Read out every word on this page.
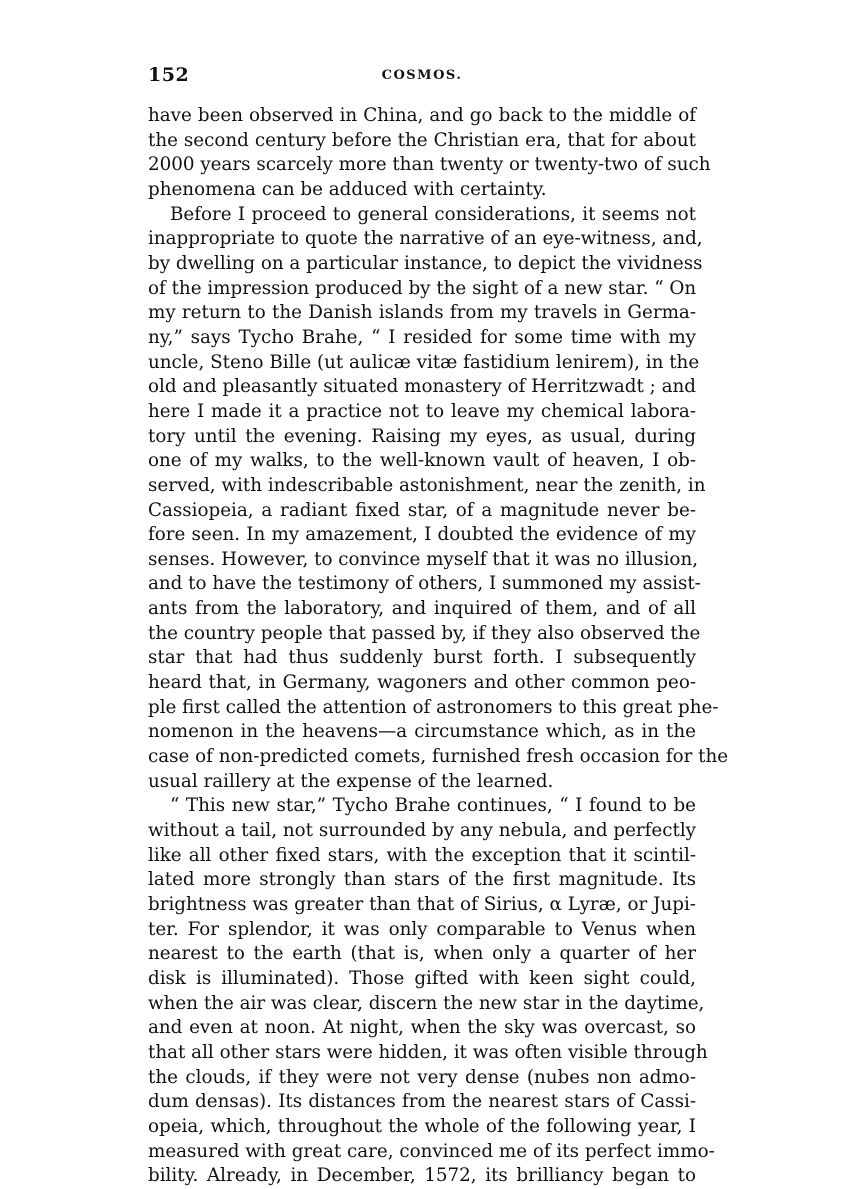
152	COSMOS.
have been observed in China, and go back to the middle of
the second century before the Christian era, that for about
2000 years scarcely more than twenty or twenty-two of such
phenomena can be adduced with certainty.
Before I proceed to general considerations, it seems not
inappropriate to quote the narrative of an eye-witness, and,
by dwelling on a particular instance, to depict the vividness
of the impression produced by the sight of a new star. “ On
my return to the Danish islands from my travels in Germa-
ny,” says Tycho Brahe, “ I resided for some time with my
uncle, Steno Bille (ut aulicæ vitæ fastidium lenirem), in the
old and pleasantly situated monastery of Herritzwadt ; and
here I made it a practice not to leave my chemical labora-
tory until the evening. Raising my eyes, as usual, during
one of my walks, to the well-known vault of heaven, I ob-
served, with indescribable astonishment, near the zenith, in
Cassiopeia, a radiant fixed star, of a magnitude never be-
fore seen. In my amazement, I doubted the evidence of my
senses. However, to convince myself that it was no illusion,
and to have the testimony of others, I summoned my assist-
ants from the laboratory, and inquired of them, and of all
the country people that passed by, if they also observed the
star that had thus suddenly burst forth. I subsequently
heard that, in Germany, wagoners and other common peo-
ple first called the attention of astronomers to this great phe-
nomenon in the heavens—a circumstance which, as in the
case of non-predicted comets, furnished fresh occasion for the
usual raillery at the expense of the learned.
“ This new star,” Tycho Brahe continues, “ I found to be
without a tail, not surrounded by any nebula, and perfectly
like all other fixed stars, with the exception that it scintil-
lated more strongly than stars of the first magnitude. Its
brightness was greater than that of Sirius, α Lyræ, or Jupi-
ter. For splendor, it was only comparable to Venus when
nearest to the earth (that is, when only a quarter of her
disk is illuminated). Those gifted with keen sight could,
when the air was clear, discern the new star in the daytime,
and even at noon. At night, when the sky was overcast, so
that all other stars were hidden, it was often visible through
the clouds, if they were not very dense (nubes non admo-
dum densas). Its distances from the nearest stars of Cassi-
opeia, which, throughout the whole of the following year, I
measured with great care, convinced me of its perfect immo-
bility. Already, in December, 1572, its brilliancy began to
